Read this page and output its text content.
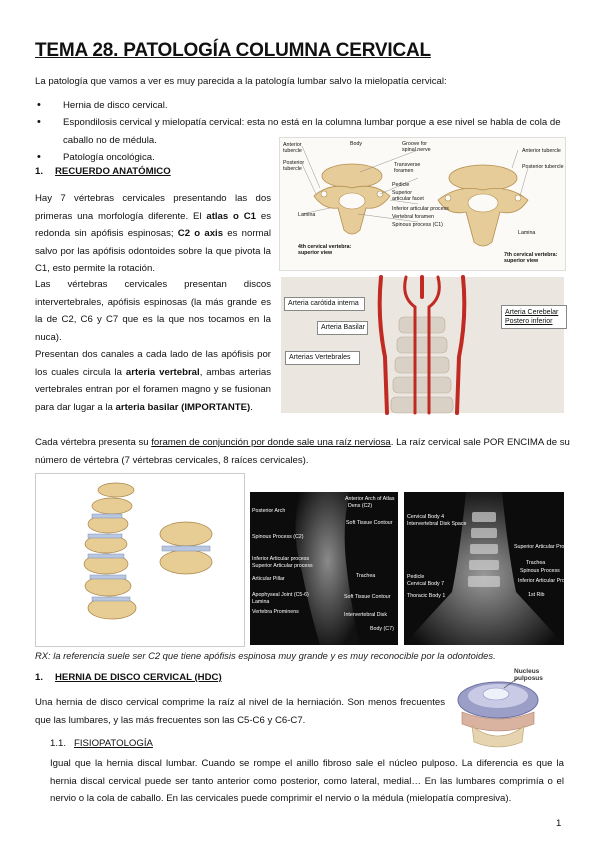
TEMA 28. PATOLOGÍA COLUMNA CERVICAL
La patología que vamos a ver es muy parecida a la patología lumbar salvo la mielopatía cervical:
• Hernia de disco cervical.
• Espondilosis cervical y mielopatía cervical: esta no está en la columna lumbar porque a ese nivel se habla de cola de caballo no de médula.
• Patología oncológica.
1. RECUERDO ANATÓMICO
Hay 7 vértebras cervicales presentando las dos primeras una morfología diferente. El atlas o C1 es redonda sin apófisis espinosas; C2 o axis es normal salvo por las apófisis odontoides sobre la que pivota la C1, esto permite la rotación.
Las vértebras cervicales presentan discos intervertebrales, apófisis espinosas (la más grande es la de C2, C6 y C7 que es la que nos tocamos en la nuca).
Presentan dos canales a cada lado de las apófisis por los cuales circula la arteria vertebral, ambas arterias vertebrales entran por el foramen magno y se fusionan para dar lugar a la arteria basilar (IMPORTANTE).
Anterior tubercle
Posterior tubercle
Lamina
Body	Groove for spinal nerve
Transverse foramen
Pedicle
Superior articular facet
Inferior articular process
Vertebral foramen
Spinous process (C1)
Anterior tubercle
Posterior tubercle
Lamina
4th cervical vertebra: superior view	7th cervical vertebra: superior view
Arteria carótida interna
Arteria Basilar
Arterias Vertebrales
Arteria Cerebelar Postero inferior
Cada vértebra presenta su foramen de conjunción por donde sale una raíz nerviosa. La raíz cervical sale POR ENCIMA de su número de vértebra (7 vértebras cervicales, 8 raíces cervicales).
Anterior Arch of Atlas
Dens (C2)
Posterior Arch
Soft Tissue Contour
Spinous Process (C2)
Inferior Articular process
Superior Articular process
Articular Pillar	Trachea
Apophyseal Joint (C5-6)
Lamina
Soft Tissue Contour
Vertebra Prominens	Intervertebral Disk
Body (C7)
Cervical Body 4
Intervertebral Disk Space
Superior Articular Process
Trachea
Spinous Process
Pedicle
Cervical Body 7	Inferior Articular Process
Thoracic Body 1	1st Rib
RX: la referencia suele ser C2 que tiene apófisis espinosa muy grande y es muy reconocible por la odontoides.
1. HERNIA DE DISCO CERVICAL (HDC)
Una hernia de disco cervical comprime la raíz al nivel de la herniación. Son menos frecuentes que las lumbares, y las más frecuentes son las C5-C6 y C6-C7.
Nucleus pulposus
1.1. FISIOPATOLOGÍA
Igual que la hernia discal lumbar. Cuando se rompe el anillo fibroso sale el núcleo pulposo. La diferencia es que la hernia discal cervical puede ser tanto anterior como posterior, como lateral, medial… En las lumbares comprimía o el nervio o la cola de caballo. En las cervicales puede comprimir el nervio o la médula (mielopatía compresiva).
1
